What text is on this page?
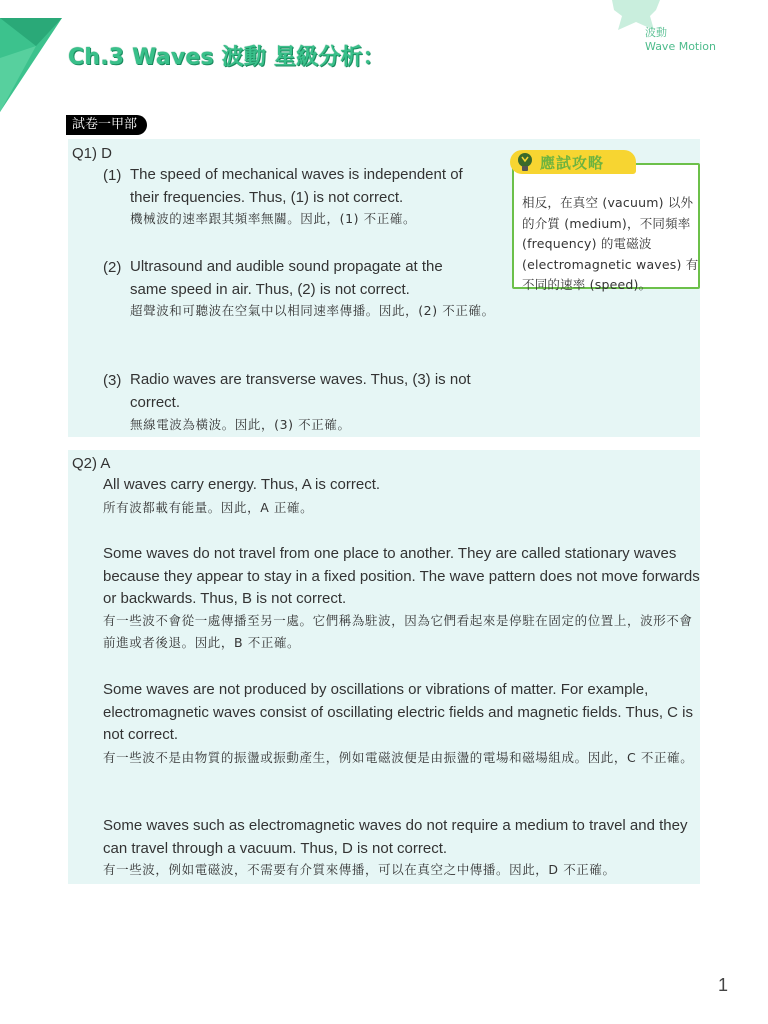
Ch.3 Waves 波動 星級分析：
波動
Wave Motion
試卷一甲部
Q1) D
(1) The speed of mechanical waves is independent of their frequencies. Thus, (1) is not correct.

機械波的速率跟其頻率無關。因此，(1) 不正確。

(2) Ultrasound and audible sound propagate at the same speed in air. Thus, (2) is not correct.

超聲波和可聽波在空氣中以相同速率傳播。因此，(2) 不正確。

(3) Radio waves are transverse waves. Thus, (3) is not correct.

無線電波為橫波。因此，(3) 不正確。

相反，在真空 (vacuum) 以外的介質 (medium)，不同頻率 (frequency) 的電磁波 (electromagnetic waves) 有不同的速率 (speed)。

應試攻略
Q2) A

All waves carry energy. Thus, A is correct.

所有波都載有能量。因此，A 正確。

Some waves do not travel from one place to another. They are called stationary waves because they appear to stay in a fixed position. The wave pattern does not move forwards or backwards. Thus, B is not correct.

有一些波不會從一處傳播至另一處。它們稱為駐波，因為它們看起來是停駐在固定的位置上，波形不會前進或者後退。因此，B 不正確。

Some waves are not produced by oscillations or vibrations of matter. For example, electromagnetic waves consist of oscillating electric fields and magnetic fields. Thus, C is not correct.

有一些波不是由物質的振盪或振動產生，例如電磁波便是由振盪的電場和磁場組成。因此，C 不正確。

Some waves such as electromagnetic waves do not require a medium to travel and they can travel through a vacuum. Thus, D is not correct.

有一些波，例如電磁波，不需要有介質來傳播，可以在真空之中傳播。因此，D 不正確。

1
